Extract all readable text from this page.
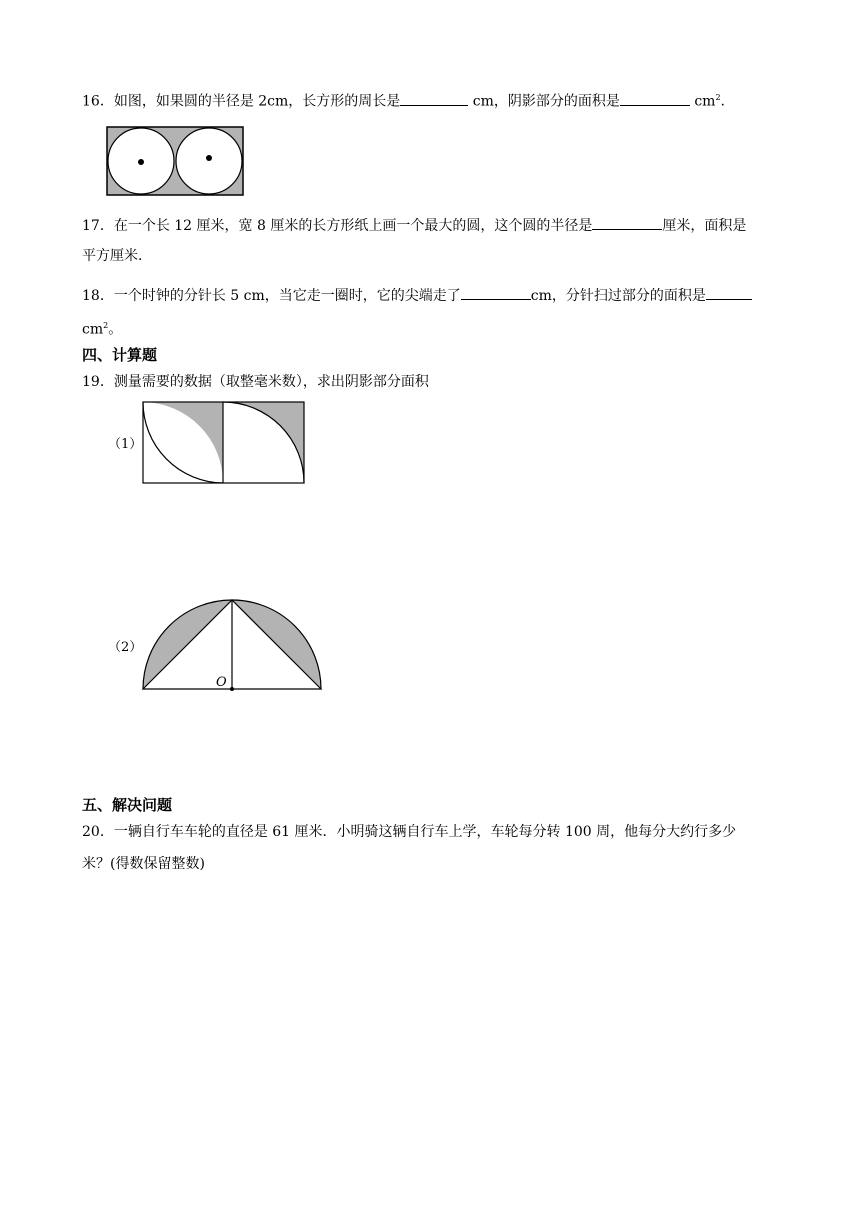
16．如图，如果圆的半径是 2cm，长方形的周长是	cm，阴影部分的面积是	$cm^2$.
17．在一个长 12 厘米，宽 8 厘米的长方形纸上画一个最大的圆，这个圆的半径是	厘米，面积是
平方厘米.
18．一个时钟的分针长 5 cm，当它走一圈时，它的尖端走了	cm，分针扫过部分的面积是
$cm^2$。
四、计算题
19．测量需要的数据（取整毫米数），求出阴影部分面积
（1）
（2）
O
五、解决问题
20．一辆自行车车轮的直径是 61 厘米．小明骑这辆自行车上学，车轮每分转 100 周，他每分大约行多少
米？(得数保留整数)
